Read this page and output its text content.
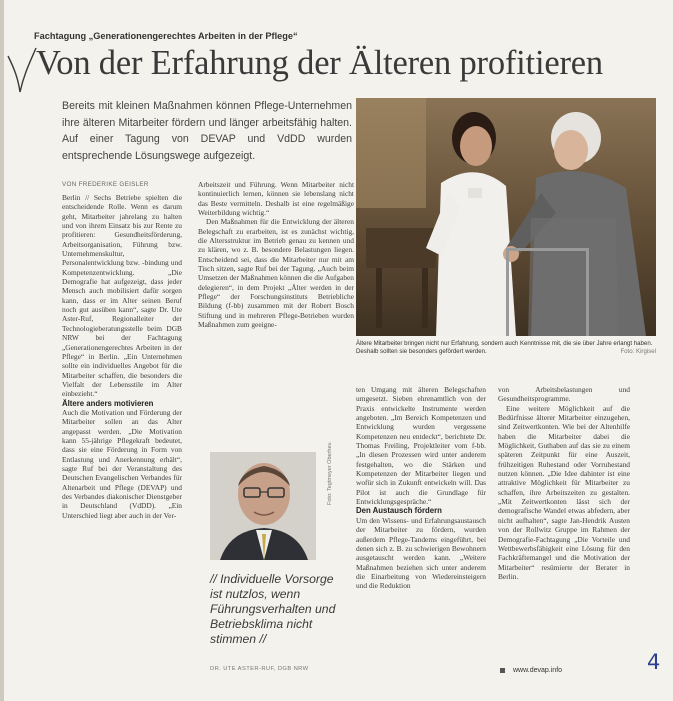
Fachtagung „Generationengerechtes Arbeiten in der Pflege“
Von der Erfahrung der Älteren profitieren
Bereits mit kleinen Maßnahmen können Pflege-Unternehmen ihre älteren Mitarbeiter fördern und länger arbeitsfähig halten. Auf einer Tagung von DEVAP und VdDD wurden entsprechende Lösungswege aufgezeigt.
VON FREDERIKE GEISLER

Berlin // Sechs Betriebe spielten die entscheidende Rolle. Wenn es darum geht, Mitarbeiter jahrelang zu halten und von ihrem Einsatz bis zur Rente zu profitieren: Gesundheitsförderung, Arbeitsorganisation, Führung bzw. Unternehmenskultur, Personalentwicklung bzw. -bindung und Kompetenzentwicklung. „Die Demografie hat aufgezeigt, dass jeder Mensch auch mobilisiert dafür sorgen kann, dass er im Alter seinen Beruf noch gut ausüben kann“, sagte Dr. Ute Aster-Ruf, Regionalleiter der Technologieberatungsstelle beim DGB NRW bei der Fachtagung „Generationengerechtes Arbeiten in der Pflege“ in Berlin. „Ein Unternehmen sollte ein individuelles Angebot für die Mitarbeiter schaffen, die besonders die Vielfalt der Lebensstile im Alter einbezieht.“

Ältere anders motivieren

Auch die Motivation und Förderung der Mitarbeiter sollen an das Alter angepasst werden. „Die Motivation kann 55-jährige Pflegekraft bedeutet, dass sie eine Förderung in Form von Entlastung und Anerkennung erhält“, sagte Ruf bei der Veranstaltung des Deutschen Evangelischen Verbandes für Altenarbeit und Pflege (DEVAP) und des Verbandes diakonischer Dienstgeber in Deutschland (VdDD). „Ein Unterschied liegt aber auch in der Ver-

Arbeitszeit und Führung. Wenn Mitarbeiter nicht kontinuierlich lernen, können sie lebenslang nicht das Beste vermitteln. Deshalb ist eine regelmäßige Weiterbildung wichtig.“

Den Maßnahmen für die Entwicklung der älteren Belegschaft zu erarbeiten, ist es zunächst wichtig, die Altersstruktur im Betrieb genau zu kennen und zu klären, wo z. B. besondere Belastungen liegen. Entscheidend sei, dass die Mitarbeiter nur mit am Tisch sitzen, sagte Ruf bei der Tagung. „Auch beim Umsetzen der Maßnahmen können die die Aufgaben delegieren“, in dem Projekt „Älter werden in der Pflege“ der Forschungsinstituts Betriebliche Bildung (f-bb) zusammen mit der Robert Bosch Stiftung und in mehreren Pflege-Betrieben wurden Maßnahmen zum geeigne-

Ältere Mitarbeiter bringen nicht nur Erfahrung, sondern auch Kenntnisse mit, die sie über Jahre erlangt haben. Deshalb sollten sie besonders gefördert werden.	Foto: Kirgisel

ten Umgang mit älteren Belegschaften umgesetzt. Sieben ehrenamtlich von der Praxis entwickelte Instrumente werden angeboten. „Im Bereich Kompetenzen und Entwicklung wurden vergessene Kompetenzen neu entdeckt“, berichtete Dr. Thomas Freiling, Projektleiter vom f-bb. „In diesen Prozessen wird unter anderem festgehalten, wo die Stärken und Kompetenzen der Mitarbeiter liegen und wofür sich in Zukunft entwickeln will. Das Pilot ist auch die Grundlage für Entwicklungsgespräche.“

Den Austausch fördern

Um den Wissens- und Erfahrungsaustausch der Mitarbeiter zu fördern, wurden außerdem Pflege-Tandems eingeführt, bei denen sich z. B. zu schwierigen Bewohnern ausgetauscht werden kann. „Weitere Maßnahmen beziehen sich unter anderem die Einarbeitung von Wiedereinsteigern und die Reduktion

von Arbeitsbelastungen und Gesundheitsprogramme.

Eine weitere Möglichkeit auf die Bedürfnisse älterer Mitarbeiter einzugehen, sind Zeitwertkonten. Wie bei der Altenhilfe haben die Mitarbeiter dabei die Möglichkeit, Guthaben auf das sie zu einem späteren Zeitpunkt für eine Auszeit, frühzeitigen Ruhestand oder Vorruhestand nutzen können. „Die Idee dahinter ist eine attraktive Möglichkeit für Mitarbeiter zu schaffen, ihre Arbeitszeiten zu gestalten. „Mit Zeitwertkonten lässt sich der demografische Wandel etwas abfedern, aber nicht aufhalten“, sagte Jan-Hendrik Austen von der Rollwitz Gruppe im Rahmen der Demografie-Fachtagung „Die Vorteile und Wettbewerbsfähigkeit eine Lösung für den Fachkräftemangel und die Motivation der Mitarbeiter“ resümierte der Berater in Berlin.

Foto: Tegtmeyer Oberheu
// Individuelle Vorsorge ist nutzlos, wenn Führungsverhalten und Betriebsklima nicht stimmen //
DR. UTE ASTER-RUF, DGB NRW	www.devap.info	4
